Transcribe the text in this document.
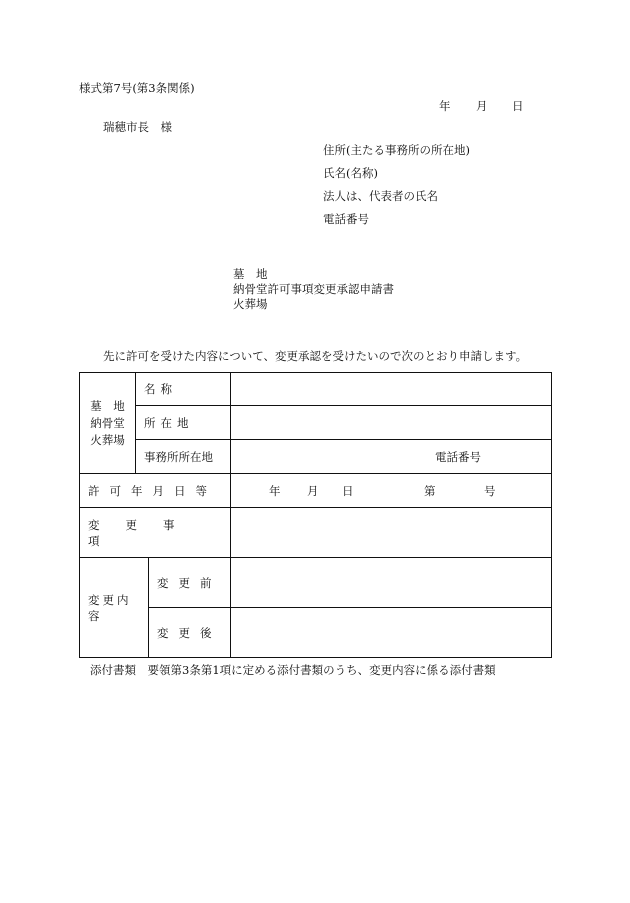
様式第7号(第3条関係)
年 月 日
瑞穂市長　様
住所(主たる事務所の所在地)
氏名(名称)
法人は、代表者の氏名
電話番号
墓　地
納骨堂許可事項変更承認申請書
火葬場
先に許可を受けた内容について、変更承認を受けたいので次のとおり申請します。
墓　地
納骨堂
火葬場	名称		

	所在地		
	事務所所在地		電話番号
許可年月日等			年 月 日 第 号

変更事項			
変更内容		変更前	
		変更後	
添付書類　要領第3条第1項に定める添付書類のうち、変更内容に係る添付書類
